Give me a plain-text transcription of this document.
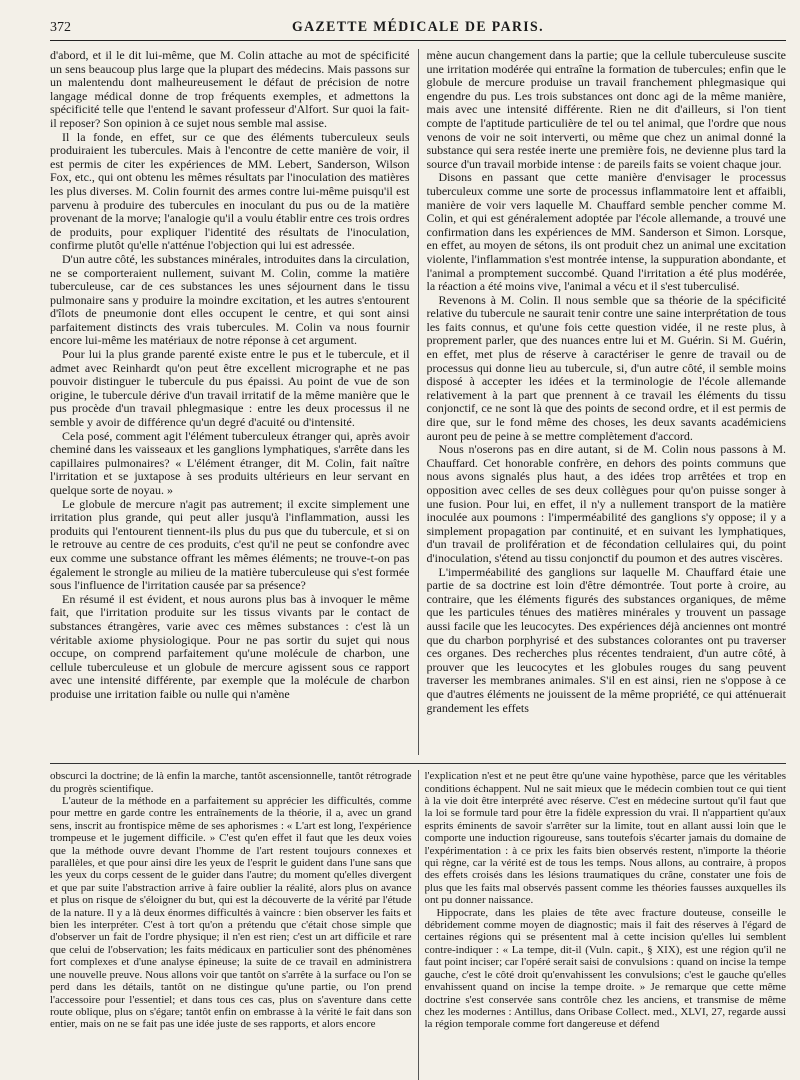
372	GAZETTE MÉDICALE DE PARIS.

d'abord, et il le dit lui-même, que M. Colin attache au mot de spécificité un sens beaucoup plus large que la plupart des médecins. Mais passons sur un malentendu dont malheureusement le défaut de précision de notre langage médical donne de trop fréquents exemples, et admettons la spécificité telle que l'entend le savant professeur d'Alfort. Sur quoi la fait-il reposer? Son opinion à ce sujet nous semble mal assise.

Il la fonde, en effet, sur ce que des éléments tuberculeux seuls produiraient les tubercules. Mais à l'encontre de cette manière de voir, il est permis de citer les expériences de MM. Lebert, Sanderson, Wilson Fox, etc., qui ont obtenu les mêmes résultats par l'inoculation des matières les plus diverses. M. Colin fournit des armes contre lui-même puisqu'il est parvenu à produire des tubercules en inoculant du pus ou de la matière provenant de la morve; l'analogie qu'il a voulu établir entre ces trois ordres de produits, pour expliquer l'identité des résultats de l'inoculation, confirme plutôt qu'elle n'atténue l'objection qui lui est adressée.

D'un autre côté, les substances minérales, introduites dans la circulation, ne se comporteraient nullement, suivant M. Colin, comme la matière tuberculeuse, car de ces substances les unes séjournent dans le tissu pulmonaire sans y produire la moindre excitation, et les autres s'entourent d'îlots de pneumonie dont elles occupent le centre, et qui sont ainsi parfaitement distincts des vrais tubercules. M. Colin va nous fournir encore lui-même les matériaux de notre réponse à cet argument.

Pour lui la plus grande parenté existe entre le pus et le tubercule, et il admet avec Reinhardt qu'on peut être excellent micrographe et ne pas pouvoir distinguer le tubercule du pus épaissi. Au point de vue de son origine, le tubercule dérive d'un travail irritatif de la même manière que le pus procède d'un travail phlegmasique : entre les deux processus il ne semble y avoir de différence qu'un degré d'acuité ou d'intensité.

Cela posé, comment agit l'élément tuberculeux étranger qui, après avoir cheminé dans les vaisseaux et les ganglions lymphatiques, s'arrête dans les capillaires pulmonaires? « L'élément étranger, dit M. Colin, fait naître l'irritation et se juxtapose à ses produits ultérieurs en leur servant en quelque sorte de noyau. »

Le globule de mercure n'agit pas autrement; il excite simplement une irritation plus grande, qui peut aller jusqu'à l'inflammation, aussi les produits qui l'entourent tiennent-ils plus du pus que du tubercule, et si on le retrouve au centre de ces produits, c'est qu'il ne peut se confondre avec eux comme une substance offrant les mêmes éléments; ne trouve-t-on pas également le strongle au milieu de la matière tuberculeuse qui s'est formée sous l'influence de l'irritation causée par sa présence?

En résumé il est évident, et nous aurons plus bas à invoquer le même fait, que l'irritation produite sur les tissus vivants par le contact de substances étrangères, varie avec ces mêmes substances : c'est là un véritable axiome physiologique. Pour ne pas sortir du sujet qui nous occupe, on comprend parfaitement qu'une molécule de charbon, une cellule tuberculeuse et un globule de mercure agissent sous ce rapport avec une intensité différente, par exemple que la molécule de charbon produise une irritation faible ou nulle qui n'amène

mène aucun changement dans la partie; que la cellule tuberculeuse suscite une irritation modérée qui entraîne la formation de tubercules; enfin que le globule de mercure produise un travail franchement phlegmasique qui engendre du pus. Les trois substances ont donc agi de la même manière, mais avec une intensité différente. Rien ne dit d'ailleurs, si l'on tient compte de l'aptitude particulière de tel ou tel animal, que l'ordre que nous venons de voir ne soit interverti, ou même que chez un animal donné la substance qui sera restée inerte une première fois, ne devienne plus tard la source d'un travail morbide intense : de pareils faits se voient chaque jour.

Disons en passant que cette manière d'envisager le processus tuberculeux comme une sorte de processus inflammatoire lent et affaibli, manière de voir vers laquelle M. Chauffard semble pencher comme M. Colin, et qui est généralement adoptée par l'école allemande, a trouvé une confirmation dans les expériences de MM. Sanderson et Simon. Lorsque, en effet, au moyen de sétons, ils ont produit chez un animal une excitation violente, l'inflammation s'est montrée intense, la suppuration abondante, et l'animal a promptement succombé. Quand l'irritation a été plus modérée, la réaction a été moins vive, l'animal a vécu et il s'est tuberculisé.

Revenons à M. Colin. Il nous semble que sa théorie de la spécificité relative du tubercule ne saurait tenir contre une saine interprétation de tous les faits connus, et qu'une fois cette question vidée, il ne reste plus, à proprement parler, que des nuances entre lui et M. Guérin. Si M. Guérin, en effet, met plus de réserve à caractériser le genre de travail ou de processus qui donne lieu au tubercule, si, d'un autre côté, il semble moins disposé à accepter les idées et la terminologie de l'école allemande relativement à la part que prennent à ce travail les éléments du tissu conjonctif, ce ne sont là que des points de second ordre, et il est permis de dire que, sur le fond même des choses, les deux savants académiciens auront peu de peine à se mettre complètement d'accord.

Nous n'oserons pas en dire autant, si de M. Colin nous passons à M. Chauffard. Cet honorable confrère, en dehors des points communs que nous avons signalés plus haut, a des idées trop arrêtées et trop en opposition avec celles de ses deux collègues pour qu'on puisse songer à une fusion. Pour lui, en effet, il n'y a nullement transport de la matière inoculée aux poumons : l'imperméabilité des ganglions s'y oppose; il y a simplement propagation par continuité, et en suivant les lymphatiques, d'un travail de prolifération et de fécondation cellulaires qui, du point d'inoculation, s'étend au tissu conjonctif du poumon et des autres viscères.

L'imperméabilité des ganglions sur laquelle M. Chauffard étaie une partie de sa doctrine est loin d'être démontrée. Tout porte à croire, au contraire, que les éléments figurés des substances organiques, de même que les particules ténues des matières minérales y trouvent un passage aussi facile que les leucocytes. Des expériences déjà anciennes ont montré que du charbon porphyrisé et des substances colorantes ont pu traverser ces organes. Des recherches plus récentes tendraient, d'un autre côté, à prouver que les leucocytes et les globules rouges du sang peuvent traverser les membranes animales. S'il en est ainsi, rien ne s'oppose à ce que d'autres éléments ne jouissent de la même propriété, ce qui atténuerait grandement les effets

obscurci la doctrine; de là enfin la marche, tantôt ascensionnelle, tantôt rétrograde du progrès scientifique.

L'auteur de la méthode en a parfaitement su apprécier les difficultés, comme pour mettre en garde contre les entraînements de la théorie, il a, avec un grand sens, inscrit au frontispice même de ses aphorismes : « L'art est long, l'expérience trompeuse et le jugement difficile. » C'est qu'en effet il faut que les deux voies que la méthode ouvre devant l'homme de l'art restent toujours connexes et parallèles, et que pour ainsi dire les yeux de l'esprit le guident dans l'une sans que les yeux du corps cessent de le guider dans l'autre; du moment qu'elles divergent et que par suite l'abstraction arrive à faire oublier la réalité, alors plus on avance et plus on risque de s'éloigner du but, qui est la découverte de la vérité par l'étude de la nature. Il y a là deux énormes difficultés à vaincre : bien observer les faits et bien les interpréter. C'est à tort qu'on a prétendu que c'était chose simple que d'observer un fait de l'ordre physique; il n'en est rien; c'est un art difficile et rare que celui de l'observation; les faits médicaux en particulier sont des phénomènes fort complexes et d'une analyse épineuse; la suite de ce travail en administrera une nouvelle preuve. Nous allons voir que tantôt on s'arrête à la surface ou l'on se perd dans les détails, tantôt on ne distingue qu'une partie, ou l'on prend l'accessoire pour l'essentiel; et dans tous ces cas, plus on s'aventure dans cette route oblique, plus on s'égare; tantôt enfin on embrasse à la vérité le fait dans son entier, mais on ne se fait pas une idée juste de ses rapports, et alors encore

l'explication n'est et ne peut être qu'une vaine hypothèse, parce que les véritables conditions échappent. Nul ne sait mieux que le médecin combien tout ce qui tient à la vie doit être interprété avec réserve. C'est en médecine surtout qu'il faut que la loi se formule tard pour être la fidèle expression du vrai. Il n'appartient qu'aux esprits éminents de savoir s'arrêter sur la limite, tout en allant aussi loin que le comporte une induction rigoureuse, sans toutefois s'écarter jamais du domaine de l'expérimentation : à ce prix les faits bien observés restent, n'importe la théorie qui règne, car la vérité est de tous les temps. Nous allons, au contraire, à propos des effets croisés dans les lésions traumatiques du crâne, constater une fois de plus que les faits mal observés passent comme les théories fausses auxquelles ils ont pu donner naissance.

Hippocrate, dans les plaies de tête avec fracture douteuse, conseille le débridement comme moyen de diagnostic; mais il fait des réserves à l'égard de certaines régions qui se présentent mal à cette incision qu'elles lui semblent contre-indiquer : « La tempe, dit-il (Vuln. capit., § XIX), est une région qu'il ne faut point inciser; car l'opéré serait saisi de convulsions : quand on incise la tempe gauche, c'est le côté droit qu'envahissent les convulsions; c'est le gauche qu'elles envahissent quand on incise la tempe droite. » Je remarque que cette même doctrine s'est conservée sans contrôle chez les anciens, et transmise de même chez les modernes : Antillus, dans Oribase Collect. med., XLVI, 27, regarde aussi la région temporale comme fort dangereuse et défend
